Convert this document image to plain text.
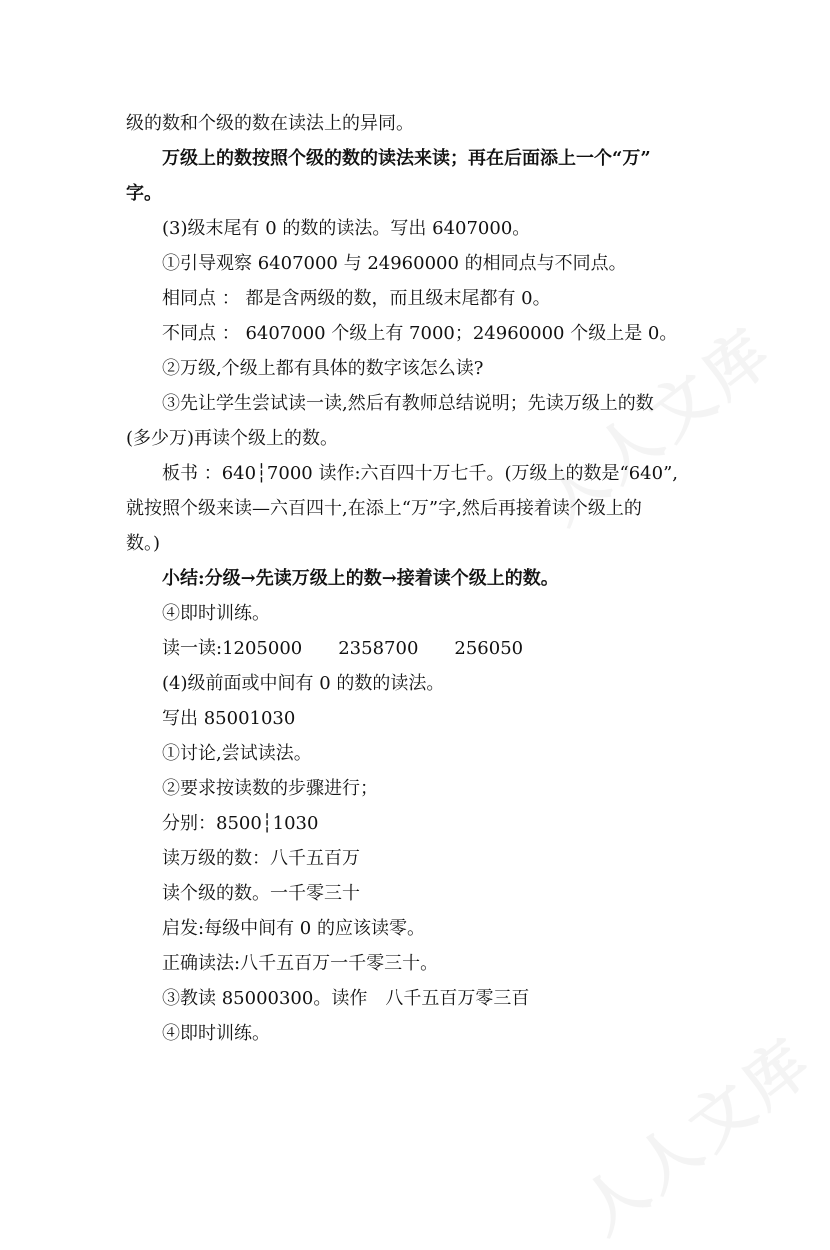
人人文库
人人文库

级的数和个级的数在读法上的异同。

万级上的数按照个级的数的读法来读；再在后面添上一个“万”

字。

(3)级末尾有 0 的数的读法。写出 6407000。

①引导观察 6407000 与 24960000 的相同点与不同点。

相同点 ： 都是含两级的数，而且级末尾都有 0。

不同点 ： 6407000 个级上有 7000；24960000 个级上是 0。

②万级,个级上都有具体的数字该怎么读?

③先让学生尝试读一读,然后有教师总结说明；先读万级上的数

(多少万)再读个级上的数。

板书 ：640┆7000 读作:六百四十万七千。(万级上的数是“640”,

就按照个级来读—六百四十,在添上“万”字,然后再接着读个级上的

数。)

小结:分级→先读万级上的数→接着读个级上的数。

④即时训练。

读一读:1205000　　2358700　　256050

(4)级前面或中间有 0 的数的读法。

写出 85001030

①讨论,尝试读法。

②要求按读数的步骤进行；

分别：8500┆1030

读万级的数：八千五百万

读个级的数。一千零三十

启发:每级中间有 0 的应该读零。

正确读法:八千五百万一千零三十。

③教读 85000300。读作　八千五百万零三百

④即时训练。
